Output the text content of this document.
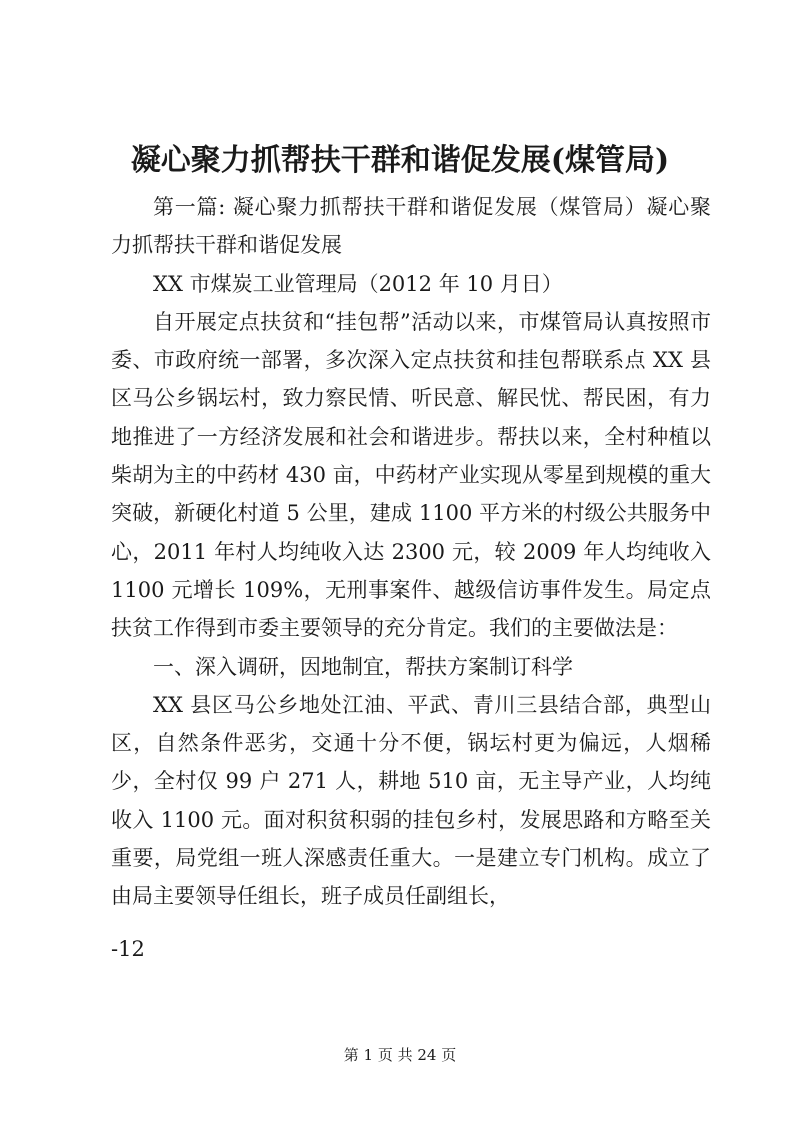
凝心聚力抓帮扶干群和谐促发展(煤管局)

第一篇: 凝心聚力抓帮扶干群和谐促发展（煤管局）凝心聚力抓帮扶干群和谐促发展

XX 市煤炭工业管理局（2012 年 10 月日）

自开展定点扶贫和“挂包帮”活动以来，市煤管局认真按照市委、市政府统一部署，多次深入定点扶贫和挂包帮联系点 XX 县区马公乡锅坛村，致力察民情、听民意、解民忧、帮民困，有力地推进了一方经济发展和社会和谐进步。帮扶以来，全村种植以柴胡为主的中药材 430 亩，中药材产业实现从零星到规模的重大突破，新硬化村道 5 公里，建成 1100 平方米的村级公共服务中心，2011 年村人均纯收入达 2300 元，较 2009 年人均纯收入 1100 元增长 109%，无刑事案件、越级信访事件发生。局定点扶贫工作得到市委主要领导的充分肯定。我们的主要做法是：

一、深入调研，因地制宜，帮扶方案制订科学

XX 县区马公乡地处江油、平武、青川三县结合部，典型山区，自然条件恶劣，交通十分不便，锅坛村更为偏远，人烟稀少，全村仅 99 户 271 人，耕地 510 亩，无主导产业，人均纯收入 1100 元。面对积贫积弱的挂包乡村，发展思路和方略至关重要，局党组一班人深感责任重大。一是建立专门机构。成立了由局主要领导任组长，班子成员任副组长，

-12
第 1 页 共 24 页
